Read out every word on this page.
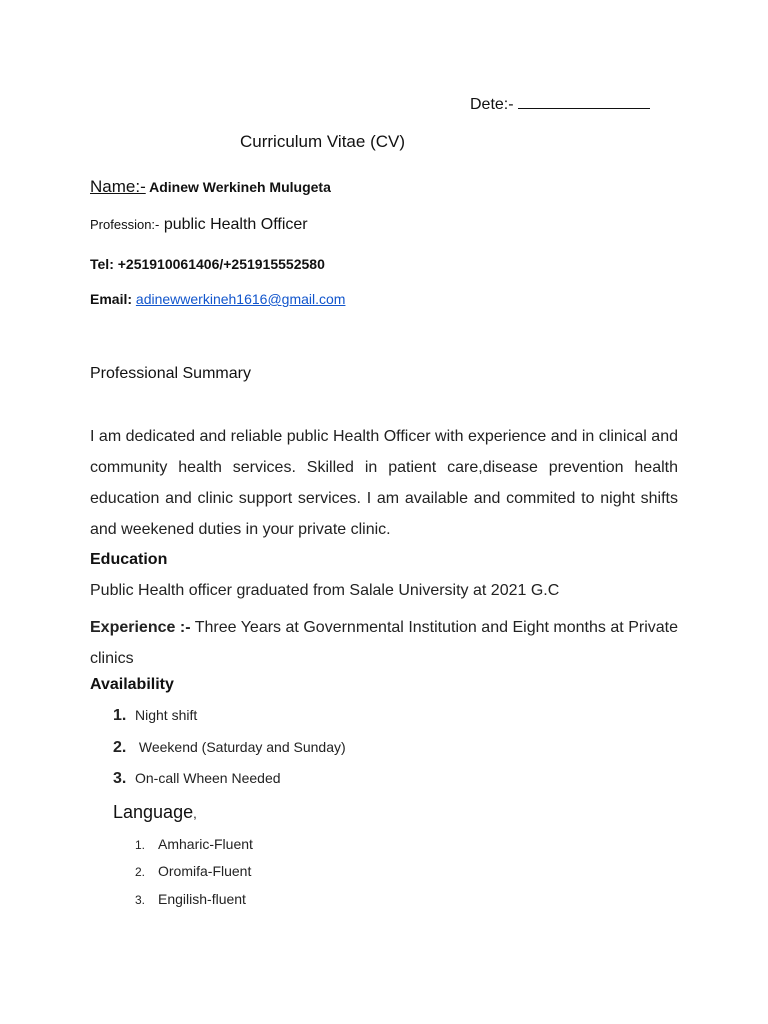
Dete:-
Curriculum Vitae (CV)
Name:- Adinew Werkineh Mulugeta
Profession:- public Health Officer
Tel: +251910061406/+251915552580
Email: adinewwerkineh1616@gmail.com
Professional Summary
I am dedicated and reliable public Health Officer with experience and in clinical and community health services. Skilled in patient care,disease prevention health education and clinic support services. I am available and commited to night shifts and weekened duties in your private clinic.
Education
Public Health officer graduated from Salale University at 2021 G.C
Experience :- Three Years at Governmental Institution and Eight months at Private clinics
Availability
1. Night shift
2. Weekend (Saturday and Sunday)
3. On-call Wheen Needed
Language,
1. Amharic-Fluent
2. Oromifa-Fluent
3. Engilish-fluent
